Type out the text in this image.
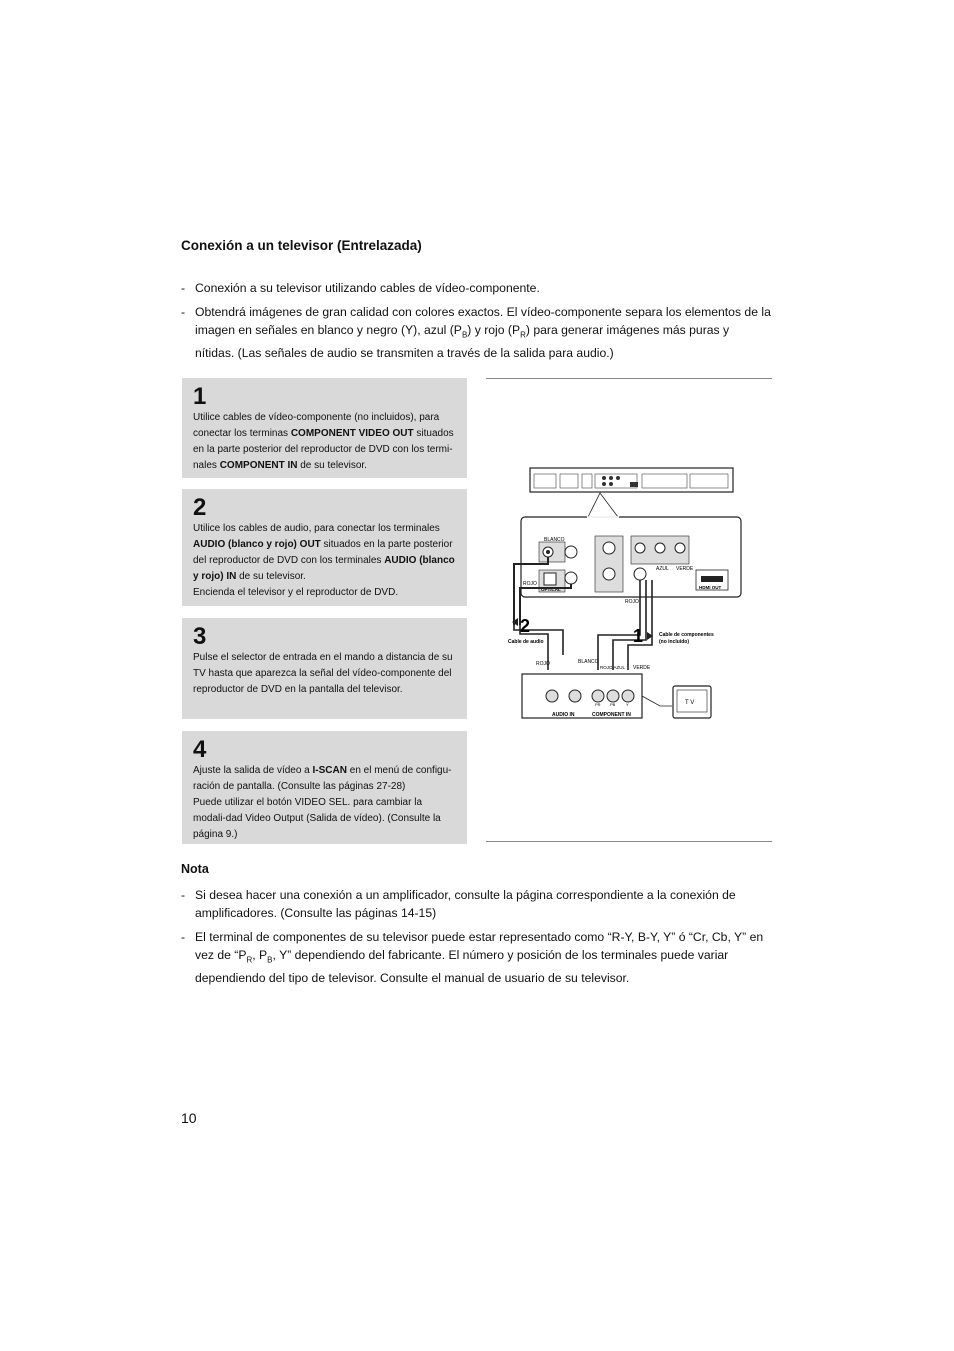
Conexión a un televisor (Entrelazada)

- Conexión a su televisor utilizando cables de vídeo-componente.

- Obtendrá imágenes de gran calidad con colores exactos. El vídeo-componente separa los elementos de la imagen en señales en blanco y negro (Y), azul $(P_B)$ y rojo $(P_R)$ para generar imágenes más puras y nítidas. (Las señales de audio se transmiten a través de la salida para audio.)

1

Utilice cables de vídeo-componente (no incluidos), para conectar los terminas COMPONENT VIDEO OUT situados en la parte posterior del reproductor de DVD con los termi-nales COMPONENT IN de su televisor.

2

Utilice los cables de audio, para conectar los terminales AUDIO (blanco y rojo) OUT situados en la parte posterior del reproductor de DVD con los terminales AUDIO (blanco y rojo) IN de su televisor.

Encienda el televisor y el reproductor de DVD.

3

Pulse el selector de entrada en el mando a distancia de su TV hasta que aparezca la señal del vídeo-componente del reproductor de DVD en la pantalla del televisor.

4

Ajuste la salida de vídeo a I-SCAN en el menú de configu-ración de pantalla. (Consulte las páginas 27-28)

Puede utilizar el botón VIDEO SEL. para cambiar la modali-dad Video Output (Salida de vídeo). (Consulte la página 9.)

BLANCO
ROJO
AZUL VERDE
OPTICAL	HDMI OUT
ROJO
2	1
Cable de audio
Cable de componentes
(no incluido)
ROJO	BLANCO
ROJO AZUL VERDE
PR PB	Y
AUDIO IN	COMPONENT IN
T V
Nota

- Si desea hacer una conexión a un amplificador, consulte la página correspondiente a la conexión de amplificadores. (Consulte las páginas 14-15)

- El terminal de componentes de su televisor puede estar representado como “R-Y, B-Y, Y” ó “Cr, Cb, Y” en vez de “$P_R$, $P_B$, Y” dependiendo del fabricante. El número y posición de los terminales puede variar dependiendo del tipo de televisor. Consulte el manual de usuario de su televisor.

10
